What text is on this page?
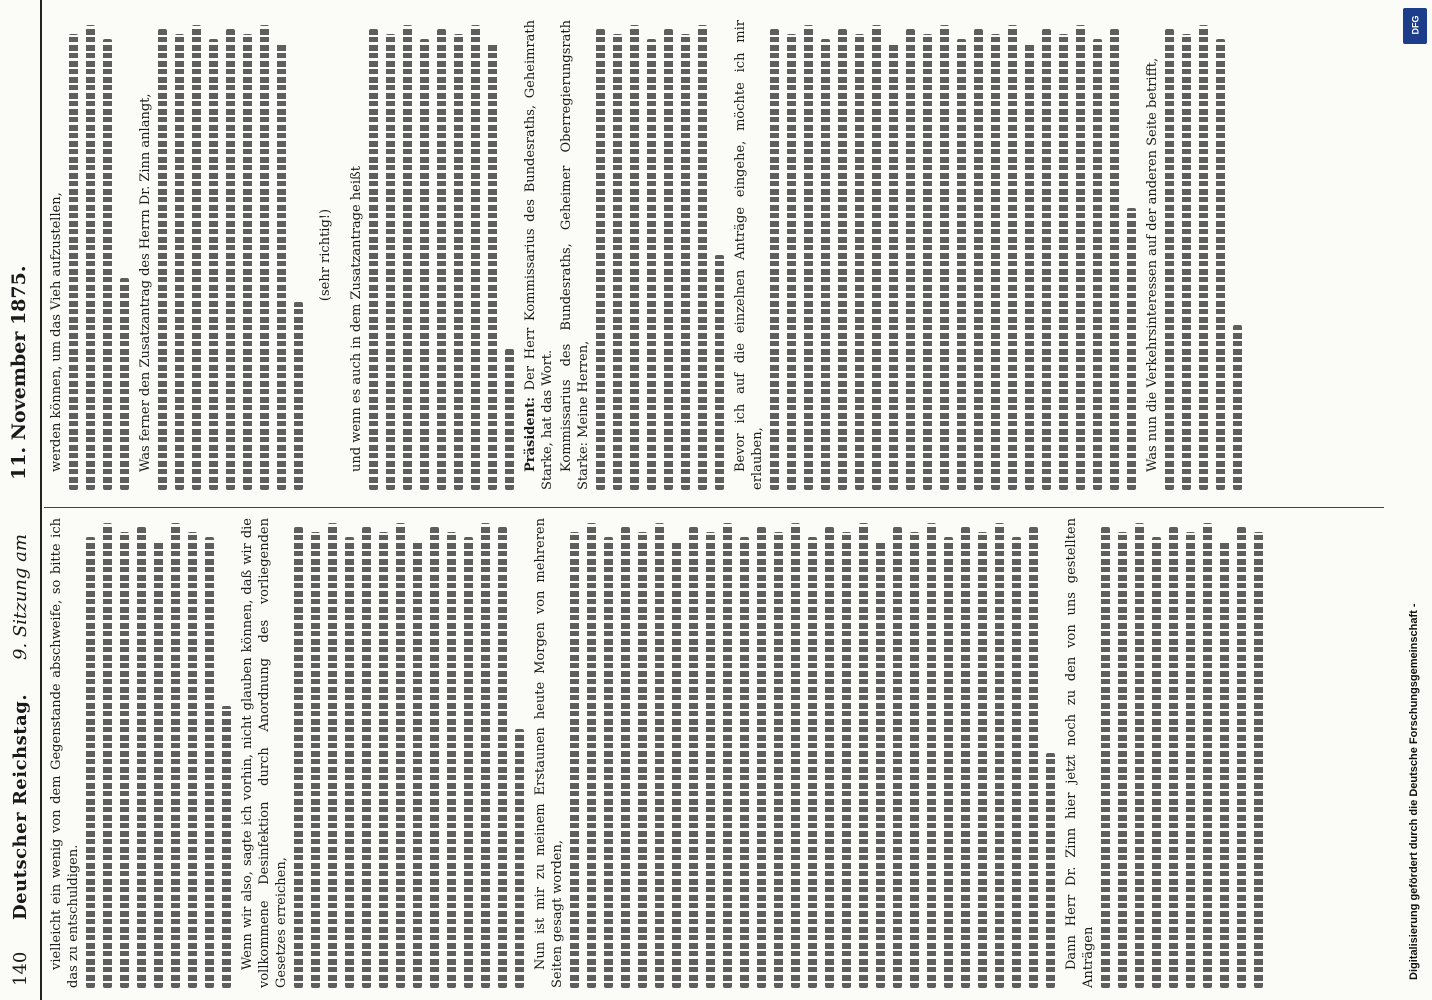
140
Deutscher Reichstag.
9. Sitzung am
11. November 1875.

vielleicht ein wenig von dem Gegenstande abschweife, so bitte ich das zu entschuldigen.	Wenn wir also, sagte ich vorhin, nicht glauben können, daß wir die vollkommene Desinfektion durch Anordnung des vorliegenden Gesetzes erreichen,	Nun ist mir zu meinem Erstaunen heute Morgen von mehreren Seiten gesagt worden,	Dann Herr Dr. Zinn hier jetzt noch zu den von uns gestellten Anträgen

werden können, um das Vieh aufzustellen,	Was ferner den Zusatzantrag des Herrn Dr. Zinn anlangt,	(sehr richtig!) und wenn es auch in dem Zusatzantrage heißt	Präsident: Der Herr Kommissarius des Bundesraths, Geheimrath Starke, hat das Wort. Kommissarius des Bundesraths, Geheimer Oberregierungsrath Starke: Meine Herren,	Bevor ich auf die einzelnen Anträge eingehe, möchte ich mir erlauben,	Was nun die Verkehrsinteressen auf der anderen Seite betrifft,

DFG
Digitalisierung gefördert durch die Deutsche Forschungsgemeinschaft -
